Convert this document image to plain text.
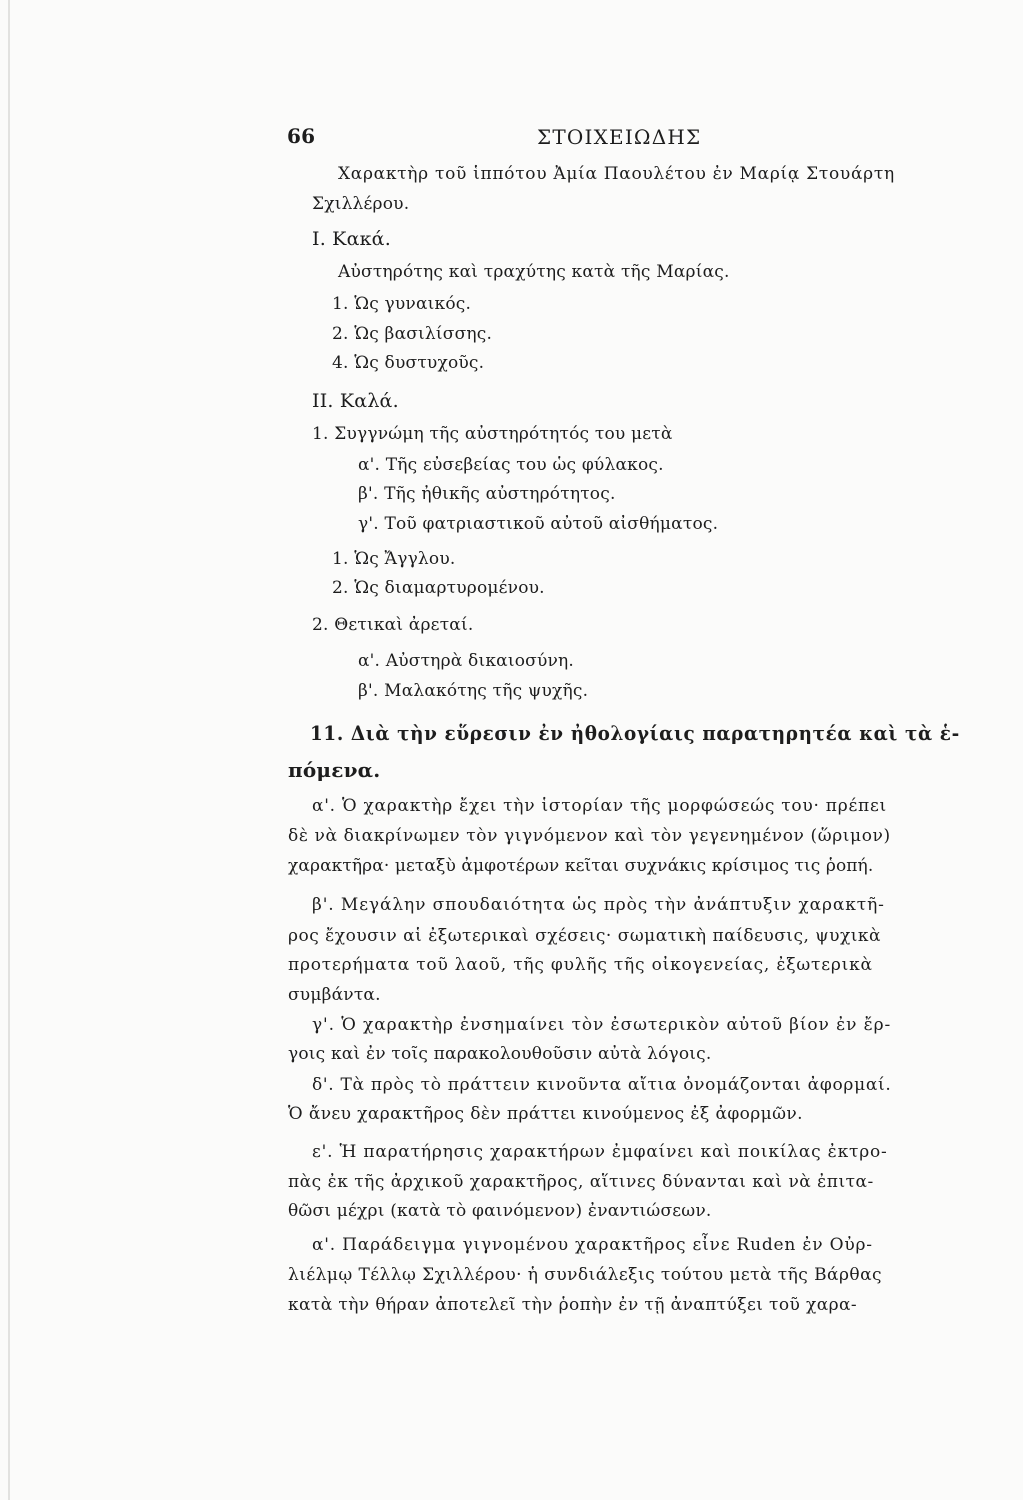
66	ΣΤΟΙΧΕΙΩΔΗΣ
Χαρακτὴρ τοῦ ἱππότου Ἀμία Παουλέτου ἐν Μαρίᾳ Στουάρτη
Σχιλλέρου.
I. Κακά.
Αὐστηρότης καὶ τραχύτης κατὰ τῆς Μαρίας.
1. Ὡς γυναικός.
2. Ὡς βασιλίσσης.
4. Ὡς δυστυχοῦς.
II. Καλά.
1. Συγγνώμη τῆς αὐστηρότητός του μετὰ
α'. Τῆς εὐσεβείας του ὡς φύλακος.
β'. Τῆς ἠθικῆς αὐστηρότητος.
γ'. Τοῦ φατριαστικοῦ αὐτοῦ αἰσθήματος.
1. Ὡς Ἄγγλου.
2. Ὡς διαμαρτυρομένου.
2. Θετικαὶ ἀρεταί.
α'. Αὐστηρὰ δικαιοσύνη.
β'. Μαλακότης τῆς ψυχῆς.
11. Διὰ τὴν εὕρεσιν ἐν ἠθολογίαις παρατηρητέα καὶ τὰ ἑ-
πόμενα.
α'. Ὁ χαρακτὴρ ἔχει τὴν ἱστορίαν τῆς μορφώσεώς του· πρέπει
δὲ νὰ διακρίνωμεν τὸν γιγνόμενον καὶ τὸν γεγενημένον (ὥριμον)
χαρακτῆρα· μεταξὺ ἀμφοτέρων κεῖται συχνάκις κρίσιμος τις ῥοπή.
β'. Μεγάλην σπουδαιότητα ὡς πρὸς τὴν ἀνάπτυξιν χαρακτῆ-
ρος ἔχουσιν αἱ ἐξωτερικαὶ σχέσεις· σωματικὴ παίδευσις, ψυχικὰ
προτερήματα τοῦ λαοῦ, τῆς φυλῆς τῆς οἰκογενείας, ἐξωτερικὰ
συμβάντα.
γ'. Ὁ χαρακτὴρ ἐνσημαίνει τὸν ἐσωτερικὸν αὐτοῦ βίον ἐν ἔρ-
γοις καὶ ἐν τοῖς παρακολουθοῦσιν αὐτὰ λόγοις.
δ'. Τὰ πρὸς τὸ πράττειν κινοῦντα αἴτια ὀνομάζονται ἀφορμαί.
Ὁ ἄνευ χαρακτῆρος δὲν πράττει κινούμενος ἐξ ἀφορμῶν.
ε'. Ἡ παρατήρησις χαρακτήρων ἐμφαίνει καὶ ποικίλας ἐκτρο-
πὰς ἐκ τῆς ἀρχικοῦ χαρακτῆρος, αἵτινες δύνανται καὶ νὰ ἐπιτα-
θῶσι μέχρι (κατὰ τὸ φαινόμενον) ἐναντιώσεων.
α'. Παράδειγμα γιγνομένου χαρακτῆρος εἶνε Ruden ἐν Οὐρ-
λιέλμῳ Τέλλῳ Σχιλλέρου· ἡ συνδιάλεξις τούτου μετὰ τῆς Βάρθας
κατὰ τὴν θήραν ἀποτελεῖ τὴν ῥοπὴν ἐν τῇ ἀναπτύξει τοῦ χαρα-
